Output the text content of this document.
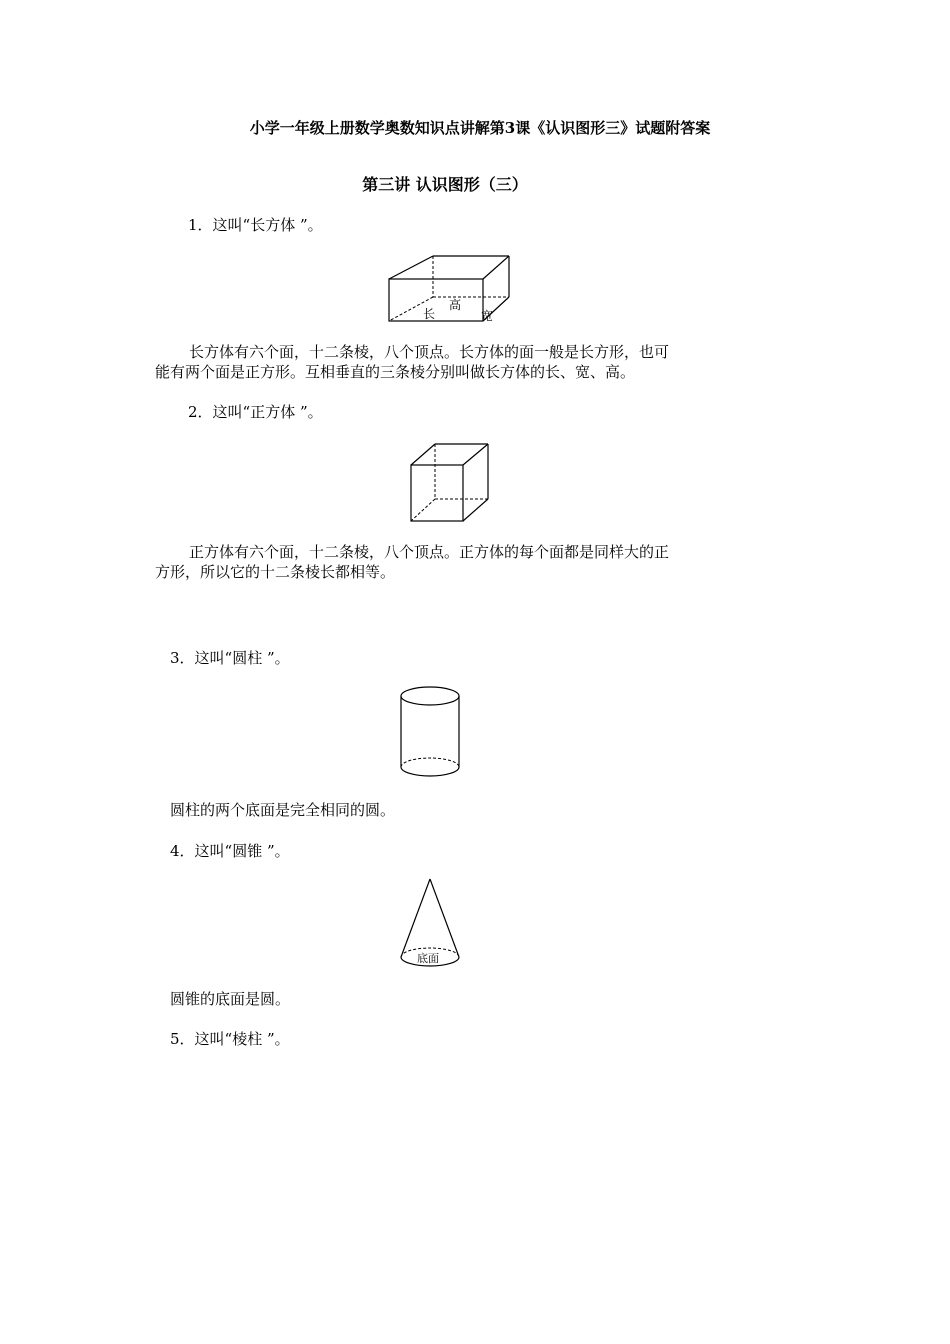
小学一年级上册数学奥数知识点讲解第3课《认识图形三》试题附答案
第三讲 认识图形（三）
1．这叫“长方体 ”。
长
高
宽
长方体有六个面，十二条棱，八个顶点。长方体的面一般是长方形，也可
能有两个面是正方形。互相垂直的三条棱分别叫做长方体的长、宽、高。
2．这叫“正方体 ”。
正方体有六个面，十二条棱，八个顶点。正方体的每个面都是同样大的正
方形，所以它的十二条棱长都相等。
3．这叫“圆柱 ”。
圆柱的两个底面是完全相同的圆。
4．这叫“圆锥 ”。
底面
圆锥的底面是圆。
5．这叫“棱柱 ”。
